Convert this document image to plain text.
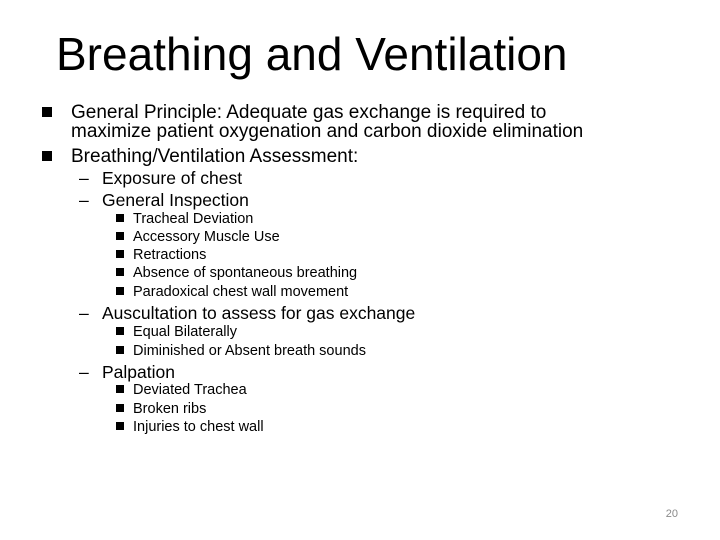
Breathing and Ventilation
General Principle: Adequate gas exchange is required to
maximize patient oxygenation and carbon dioxide elimination
Breathing/Ventilation Assessment:
– Exposure of chest
– General Inspection
Tracheal Deviation
Accessory Muscle Use
Retractions
Absence of spontaneous breathing
Paradoxical chest wall movement
– Auscultation to assess for gas exchange
Equal Bilaterally
Diminished or Absent breath sounds
– Palpation
Deviated Trachea
Broken ribs
Injuries to chest wall
20
